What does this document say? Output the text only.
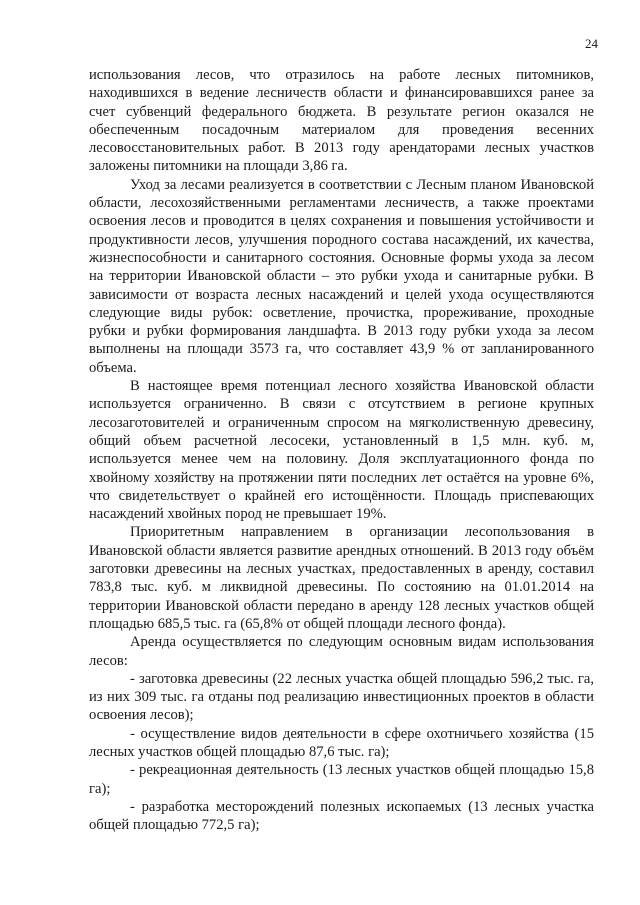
24

использования лесов, что отразилось на работе лесных питомников, находившихся в ведение лесничеств области и финансировавшихся ранее за счет субвенций федерального бюджета. В результате регион оказался не обеспеченным посадочным материалом для проведения весенних лесовосстановительных работ. В 2013 году арендаторами лесных участков заложены питомники на площади 3,86 га.

Уход за лесами реализуется в соответствии с Лесным планом Ивановской области, лесохозяйственными регламентами лесничеств, а также проектами освоения лесов и проводится в целях сохранения и повышения устойчивости и продуктивности лесов, улучшения породного состава насаждений, их качества, жизнеспособности и санитарного состояния. Основные формы ухода за лесом на территории Ивановской области – это рубки ухода и санитарные рубки. В зависимости от возраста лесных насаждений и целей ухода осуществляются следующие виды рубок: осветление, прочистка, прореживание, проходные рубки и рубки формирования ландшафта. В 2013 году рубки ухода за лесом выполнены на площади 3573 га, что составляет 43,9 % от запланированного объема.

В настоящее время потенциал лесного хозяйства Ивановской области используется ограниченно. В связи с отсутствием в регионе крупных лесозаготовителей и ограниченным спросом на мягколиственную древесину, общий объем расчетной лесосеки, установленный в 1,5 млн. куб. м, используется менее чем на половину. Доля эксплуатационного фонда по хвойному хозяйству на протяжении пяти последних лет остаётся на уровне 6%, что свидетельствует о крайней его истощённости. Площадь приспевающих насаждений хвойных пород не превышает 19%.

Приоритетным направлением в организации лесопользования в Ивановской области является развитие арендных отношений. В 2013 году объём заготовки древесины на лесных участках, предоставленных в аренду, составил 783,8 тыс. куб. м ликвидной древесины. По состоянию на 01.01.2014 на территории Ивановской области передано в аренду 128 лесных участков общей площадью 685,5 тыс. га (65,8% от общей площади лесного фонда).

Аренда осуществляется по следующим основным видам использования лесов:

- заготовка древесины (22 лесных участка общей площадью 596,2 тыс. га, из них 309 тыс. га отданы под реализацию инвестиционных проектов в области освоения лесов);

- осуществление видов деятельности в сфере охотничьего хозяйства (15 лесных участков общей площадью 87,6 тыс. га);

- рекреационная деятельность (13 лесных участков общей площадью 15,8 га);

- разработка месторождений полезных ископаемых (13 лесных участка общей площадью 772,5 га);
